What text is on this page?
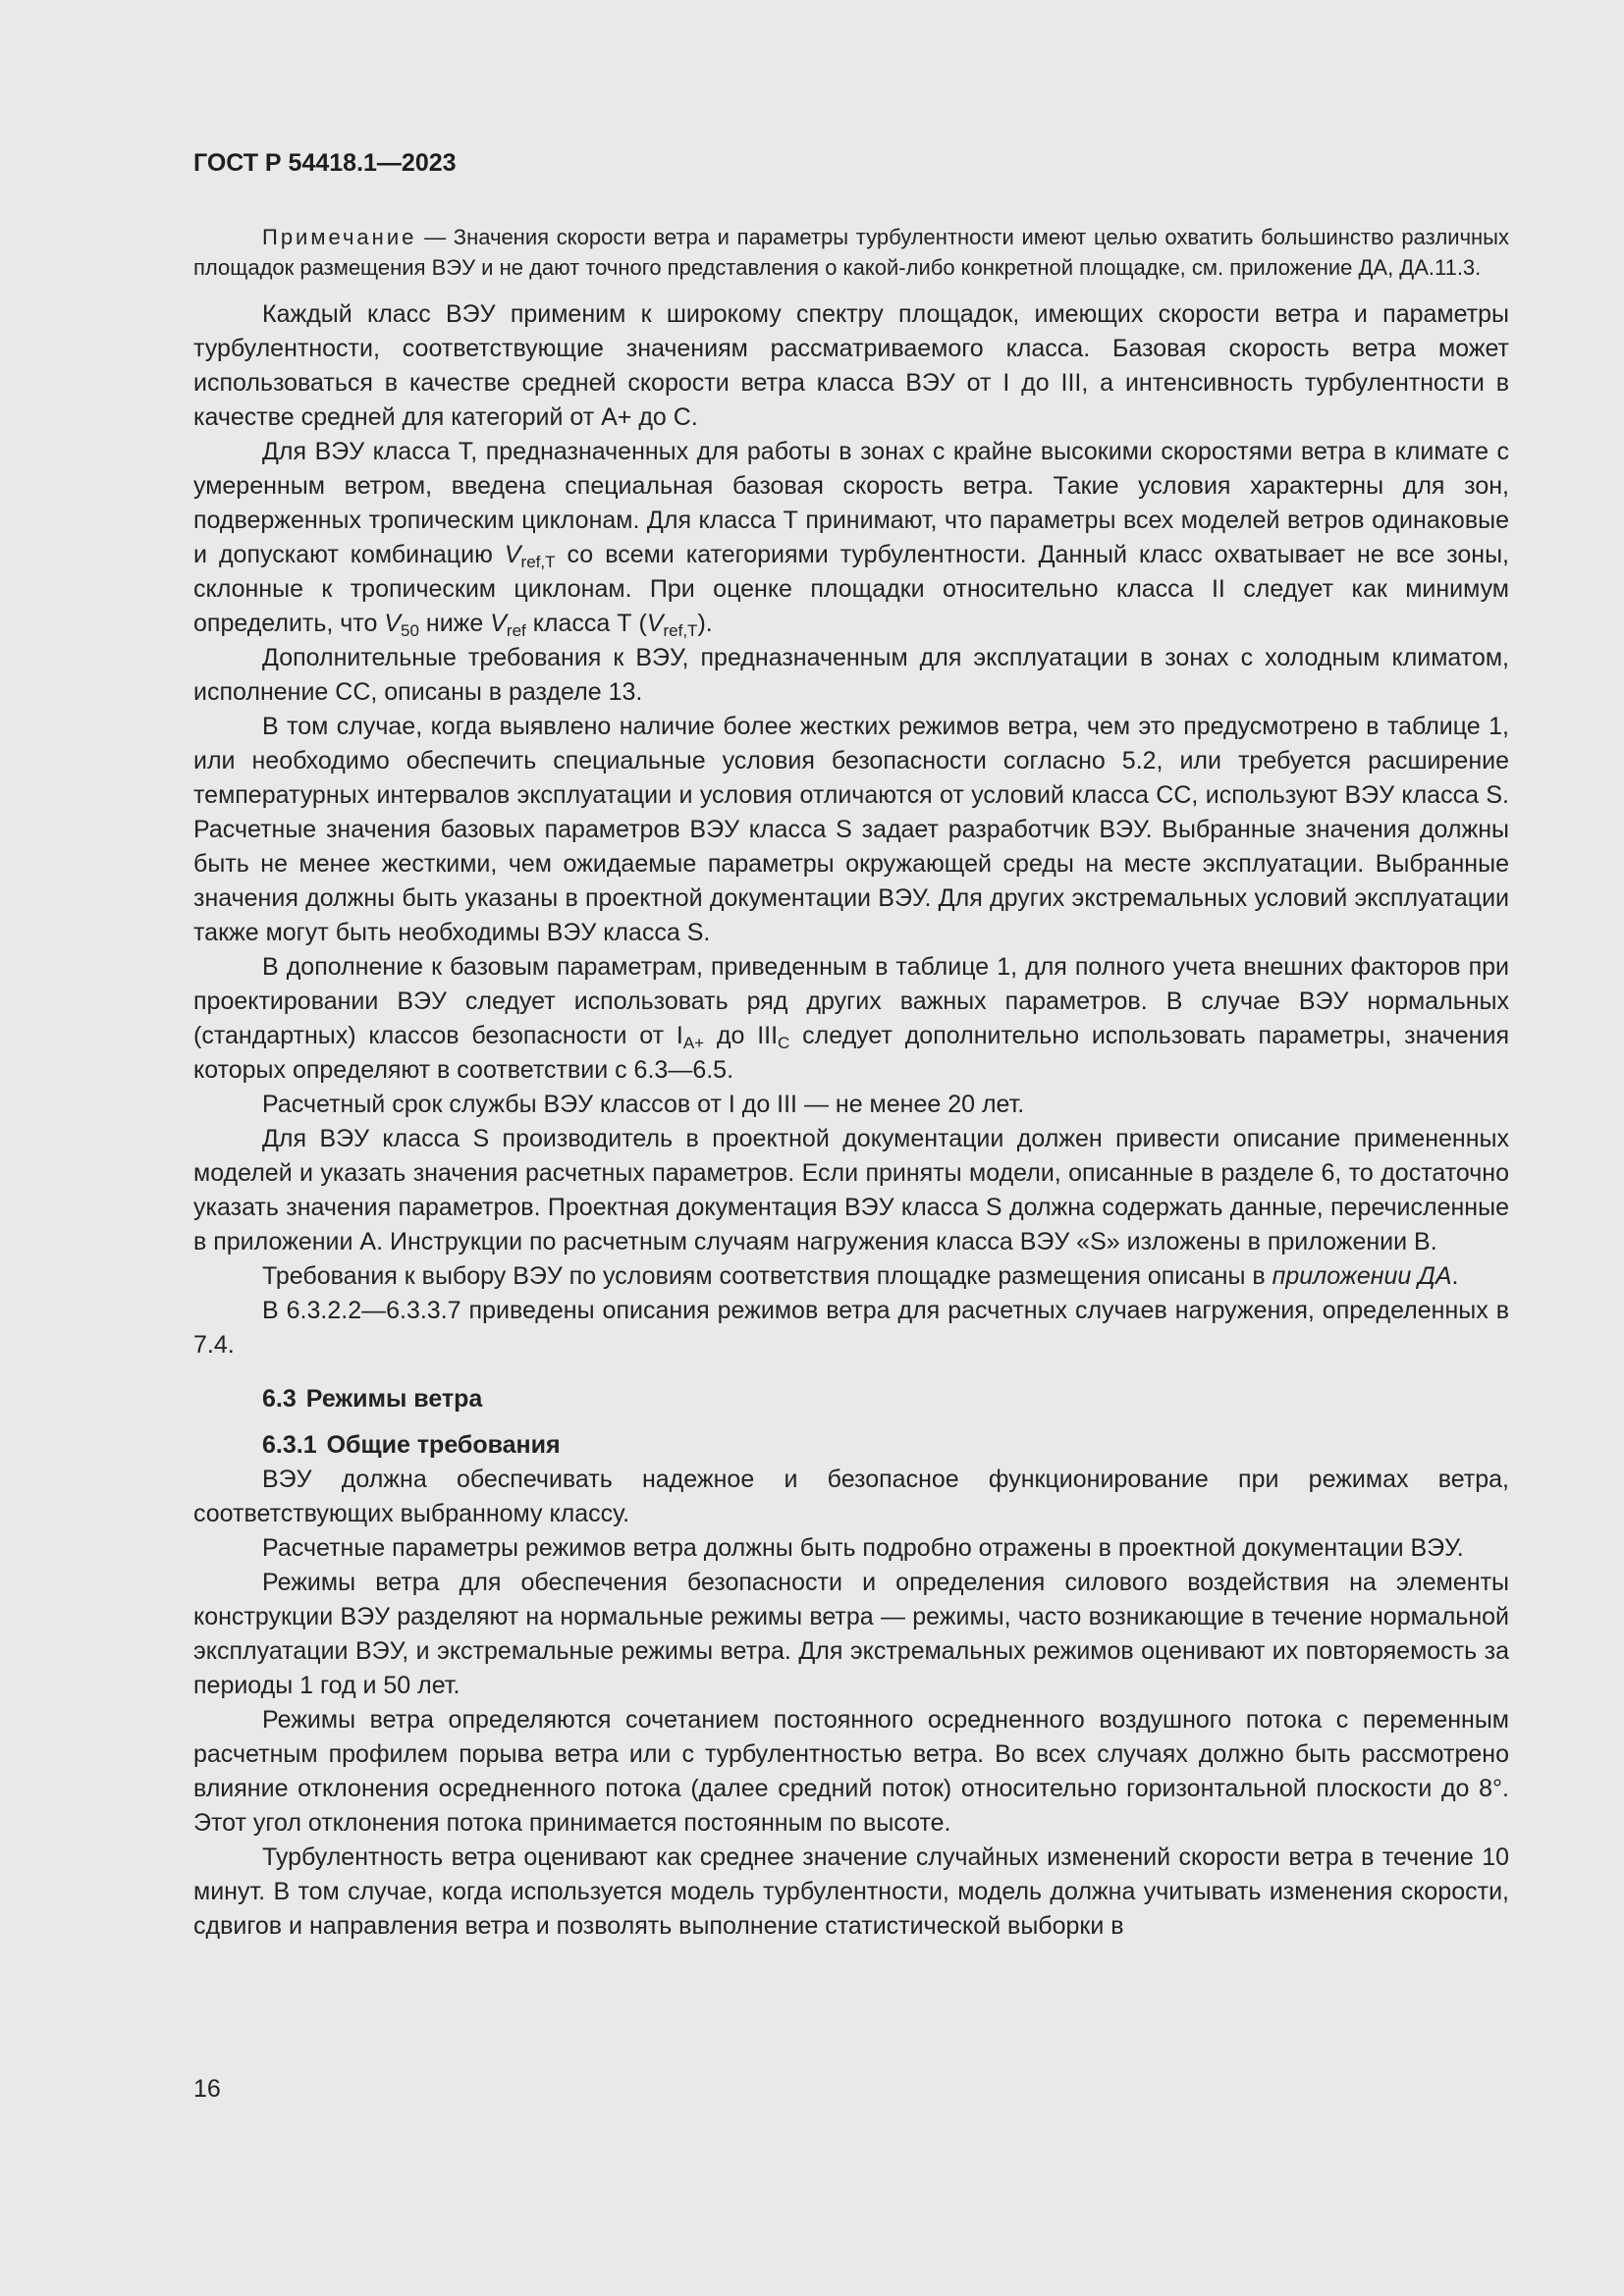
ГОСТ Р 54418.1—2023

Примечание — Значения скорости ветра и параметры турбулентности имеют целью охватить большинство различных площадок размещения ВЭУ и не дают точного представления о какой-либо конкретной площадке, см. приложение ДА, ДА.11.3.

Каждый класс ВЭУ применим к широкому спектру площадок, имеющих скорости ветра и параметры турбулентности, соответствующие значениям рассматриваемого класса. Базовая скорость ветра может использоваться в качестве средней скорости ветра класса ВЭУ от I до III, а интенсивность турбулентности в качестве средней для категорий от A+ до С.

Для ВЭУ класса Т, предназначенных для работы в зонах с крайне высокими скоростями ветра в климате с умеренным ветром, введена специальная базовая скорость ветра. Такие условия характерны для зон, подверженных тропическим циклонам. Для класса Т принимают, что параметры всех моделей ветров одинаковые и допускают комбинацию $V_{ref,T}$ со всеми категориями турбулентности. Данный класс охватывает не все зоны, склонные к тропическим циклонам. При оценке площадки относительно класса II следует как минимум определить, что $V_{50}$ ниже $V_{ref}$ класса Т $(V_{ref,T})$.

Дополнительные требования к ВЭУ, предназначенным для эксплуатации в зонах с холодным климатом, исполнение СС, описаны в разделе 13.

В том случае, когда выявлено наличие более жестких режимов ветра, чем это предусмотрено в таблице 1, или необходимо обеспечить специальные условия безопасности согласно 5.2, или требуется расширение температурных интервалов эксплуатации и условия отличаются от условий класса СС, используют ВЭУ класса S. Расчетные значения базовых параметров ВЭУ класса S задает разработчик ВЭУ. Выбранные значения должны быть не менее жесткими, чем ожидаемые параметры окружающей среды на месте эксплуатации. Выбранные значения должны быть указаны в проектной документации ВЭУ. Для других экстремальных условий эксплуатации также могут быть необходимы ВЭУ класса S.

В дополнение к базовым параметрам, приведенным в таблице 1, для полного учета внешних факторов при проектировании ВЭУ следует использовать ряд других важных параметров. В случае ВЭУ нормальных (стандартных) классов безопасности от $I_{A+}$ до $III_C$ следует дополнительно использовать параметры, значения которых определяют в соответствии с 6.3—6.5.

Расчетный срок службы ВЭУ классов от I до III — не менее 20 лет.

Для ВЭУ класса S производитель в проектной документации должен привести описание примененных моделей и указать значения расчетных параметров. Если приняты модели, описанные в разделе 6, то достаточно указать значения параметров. Проектная документация ВЭУ класса S должна содержать данные, перечисленные в приложении А. Инструкции по расчетным случаям нагружения класса ВЭУ «S» изложены в приложении В.

Требования к выбору ВЭУ по условиям соответствия площадке размещения описаны в приложении ДА.

В 6.3.2.2—6.3.3.7 приведены описания режимов ветра для расчетных случаев нагружения, определенных в 7.4.

6.3 Режимы ветра
6.3.1 Общие требования

ВЭУ должна обеспечивать надежное и безопасное функционирование при режимах ветра, соответствующих выбранному классу.

Расчетные параметры режимов ветра должны быть подробно отражены в проектной документации ВЭУ.

Режимы ветра для обеспечения безопасности и определения силового воздействия на элементы конструкции ВЭУ разделяют на нормальные режимы ветра — режимы, часто возникающие в течение нормальной эксплуатации ВЭУ, и экстремальные режимы ветра. Для экстремальных режимов оценивают их повторяемость за периоды 1 год и 50 лет.

Режимы ветра определяются сочетанием постоянного осредненного воздушного потока с переменным расчетным профилем порыва ветра или с турбулентностью ветра. Во всех случаях должно быть рассмотрено влияние отклонения осредненного потока (далее средний поток) относительно горизонтальной плоскости до 8°. Этот угол отклонения потока принимается постоянным по высоте.

Турбулентность ветра оценивают как среднее значение случайных изменений скорости ветра в течение 10 минут. В том случае, когда используется модель турбулентности, модель должна учитывать изменения скорости, сдвигов и направления ветра и позволять выполнение статистической выборки в

16
